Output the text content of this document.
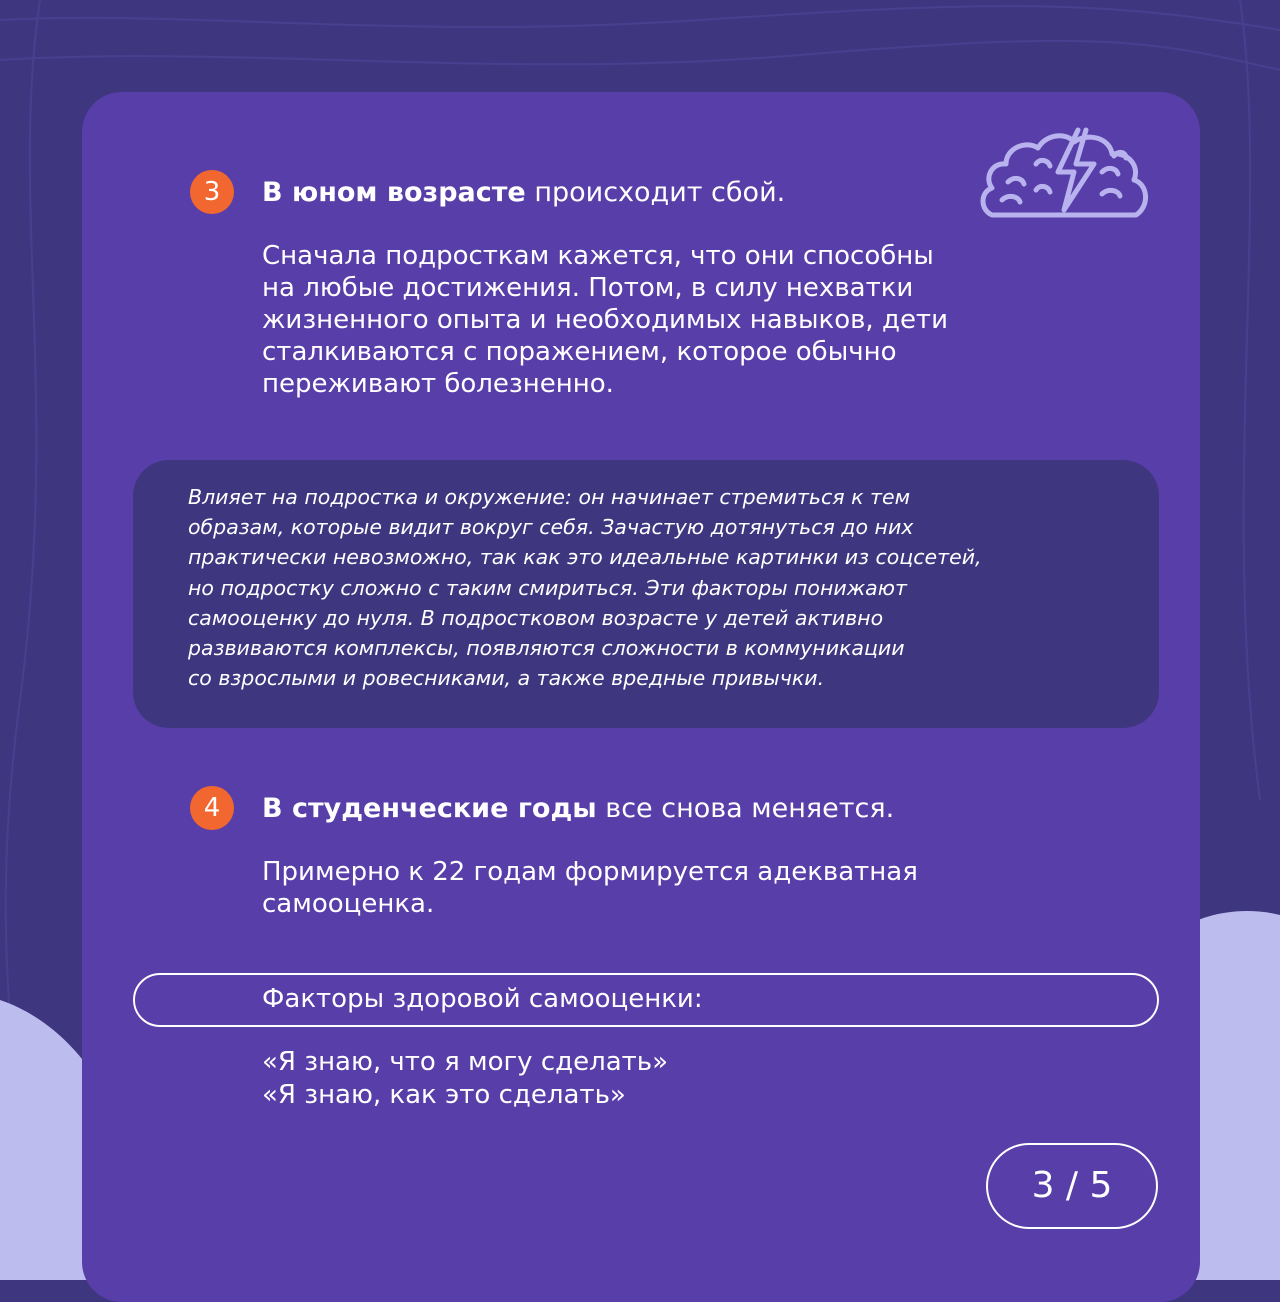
3	В юном возрасте происходит сбой.
Сначала подросткам кажется, что они способны
на любые достижения. Потом, в силу нехватки
жизненного опыта и необходимых навыков, дети
сталкиваются с поражением, которое обычно
переживают болезненно.
Влияет на подростка и окружение: он начинает стремиться к тем
образам, которые видит вокруг себя. Зачастую дотянуться до них
практически невозможно, так как это идеальные картинки из соцсетей,
но подростку сложно с таким смириться. Эти факторы понижают
самооценку до нуля. В подростковом возрасте у детей активно
развиваются комплексы, появляются сложности в коммуникации
со взрослыми и ровесниками, а также вредные привычки.
4	В студенческие годы все снова меняется.
Примерно к 22 годам формируется адекватная
самооценка.
Факторы здоровой самооценки:
«Я знаю, что я могу сделать»
«Я знаю, как это сделать»
3 / 5
